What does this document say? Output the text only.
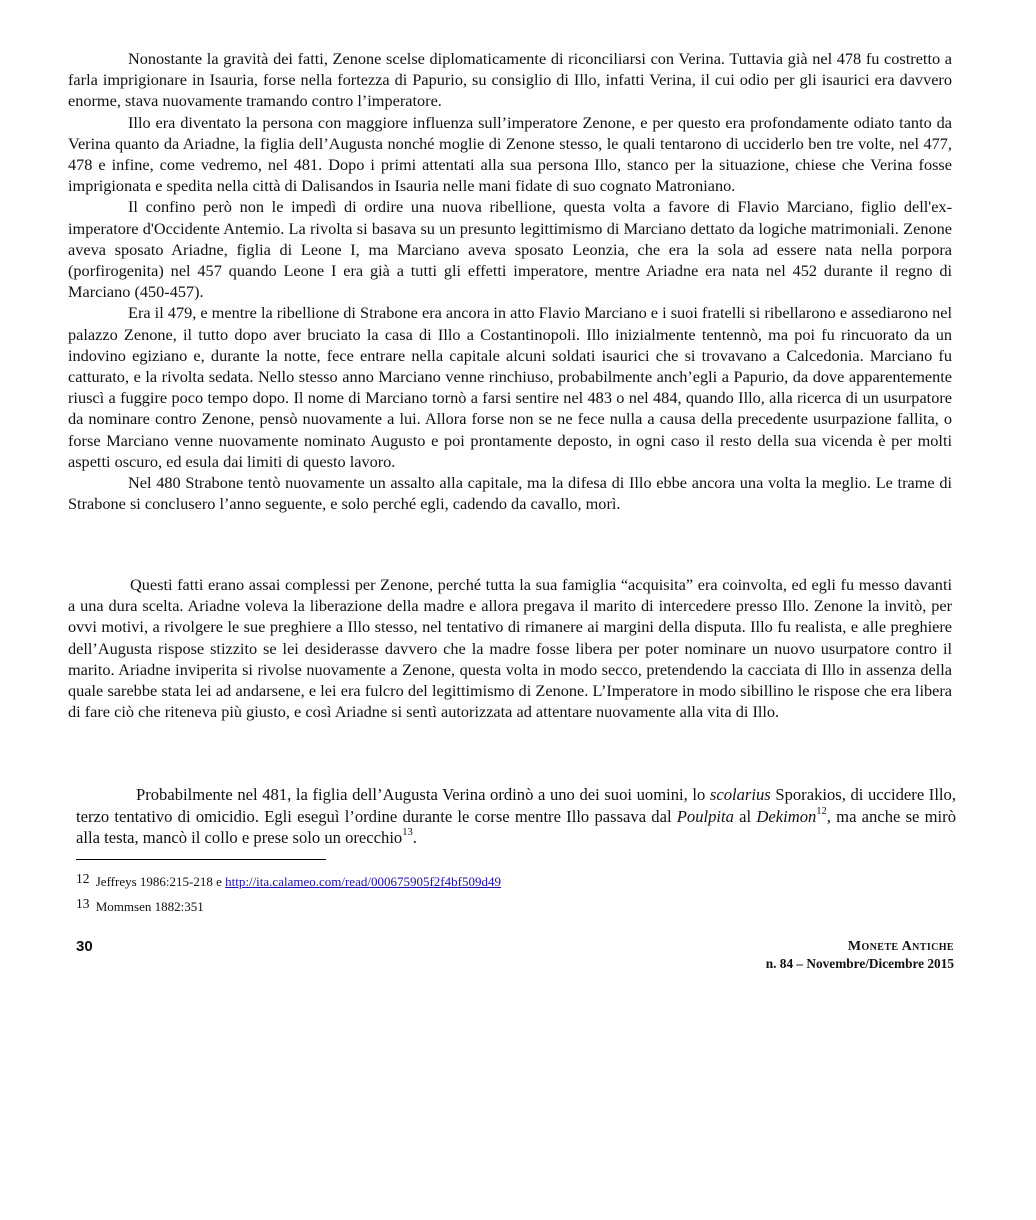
Nonostante la gravità dei fatti, Zenone scelse diplomaticamente di riconciliarsi con Verina. Tuttavia già nel 478 fu costretto a farla imprigionare in Isauria, forse nella fortezza di Papurio, su consiglio di Illo, infatti Verina, il cui odio per gli isaurici era davvero enorme, stava nuovamente tramando contro l’imperatore.

Illo era diventato la persona con maggiore influenza sull’imperatore Zenone, e per questo era profondamente odiato tanto da Verina quanto da Ariadne, la figlia dell’Augusta nonché moglie di Zenone stesso, le quali tentarono di ucciderlo ben tre volte, nel 477, 478 e infine, come vedremo, nel 481. Dopo i primi attentati alla sua persona Illo, stanco per la situazione, chiese che Verina fosse imprigionata e spedita nella città di Dalisandos in Isauria nelle mani fidate di suo cognato Matroniano.

Il confino però non le impedì di ordire una nuova ribellione, questa volta a favore di Flavio Marciano, figlio dell'ex-imperatore d'Occidente Antemio. La rivolta si basava su un presunto legittimismo di Marciano dettato da logiche matrimoniali. Zenone aveva sposato Ariadne, figlia di Leone I, ma Marciano aveva sposato Leonzia, che era la sola ad essere nata nella porpora (porfirogenita) nel 457 quando Leone I era già a tutti gli effetti imperatore, mentre Ariadne era nata nel 452 durante il regno di Marciano (450-457).

Era il 479, e mentre la ribellione di Strabone era ancora in atto Flavio Marciano e i suoi fratelli si ribellarono e assediarono nel palazzo Zenone, il tutto dopo aver bruciato la casa di Illo a Costantinopoli. Illo inizialmente tentennò, ma poi fu rincuorato da un indovino egiziano e, durante la notte, fece entrare nella capitale alcuni soldati isaurici che si trovavano a Calcedonia. Marciano fu catturato, e la rivolta sedata. Nello stesso anno Marciano venne rinchiuso, probabilmente anch’egli a Papurio, da dove apparentemente riuscì a fuggire poco tempo dopo. Il nome di Marciano tornò a farsi sentire nel 483 o nel 484, quando Illo, alla ricerca di un usurpatore da nominare contro Zenone, pensò nuovamente a lui. Allora forse non se ne fece nulla a causa della precedente usurpazione fallita, o forse Marciano venne nuovamente nominato Augusto e poi prontamente deposto, in ogni caso il resto della sua vicenda è per molti aspetti oscuro, ed esula dai limiti di questo lavoro.

Nel 480 Strabone tentò nuovamente un assalto alla capitale, ma la difesa di Illo ebbe ancora una volta la meglio. Le trame di Strabone si conclusero l’anno seguente, e solo perché egli, cadendo da cavallo, morì.

Questi fatti erano assai complessi per Zenone, perché tutta la sua famiglia “acquisita” era coinvolta, ed egli fu messo davanti a una dura scelta. Ariadne voleva la liberazione della madre e allora pregava il marito di intercedere presso Illo. Zenone la invitò, per ovvi motivi, a rivolgere le sue preghiere a Illo stesso, nel tentativo di rimanere ai margini della disputa. Illo fu realista, e alle preghiere dell’Augusta rispose stizzito se lei desiderasse davvero che la madre fosse libera per poter nominare un nuovo usurpatore contro il marito. Ariadne inviperita si rivolse nuovamente a Zenone, questa volta in modo secco, pretendendo la cacciata di Illo in assenza della quale sarebbe stata lei ad andarsene, e lei era fulcro del legittimismo di Zenone. L’Imperatore in modo sibillino le rispose che era libera di fare ciò che riteneva più giusto, e così Ariadne si sentì autorizzata ad attentare nuovamente alla vita di Illo.

Probabilmente nel 481, la figlia dell’Augusta Verina ordinò a uno dei suoi uomini, lo scolarius Sporakios, di uccidere Illo, terzo tentativo di omicidio. Egli eseguì l’ordine durante le corse mentre Illo passava dal Poulpita al Dekimon$^{12}$, ma anche se mirò alla testa, mancò il collo e prese solo un orecchio$^{13}$.

12 Jeffreys 1986:215-218 e http://ita.calameo.com/read/000675905f2f4bf509d49
13 Mommsen 1882:351
30	Monete Antiche
n. 84 – Novembre/Dicembre 2015
